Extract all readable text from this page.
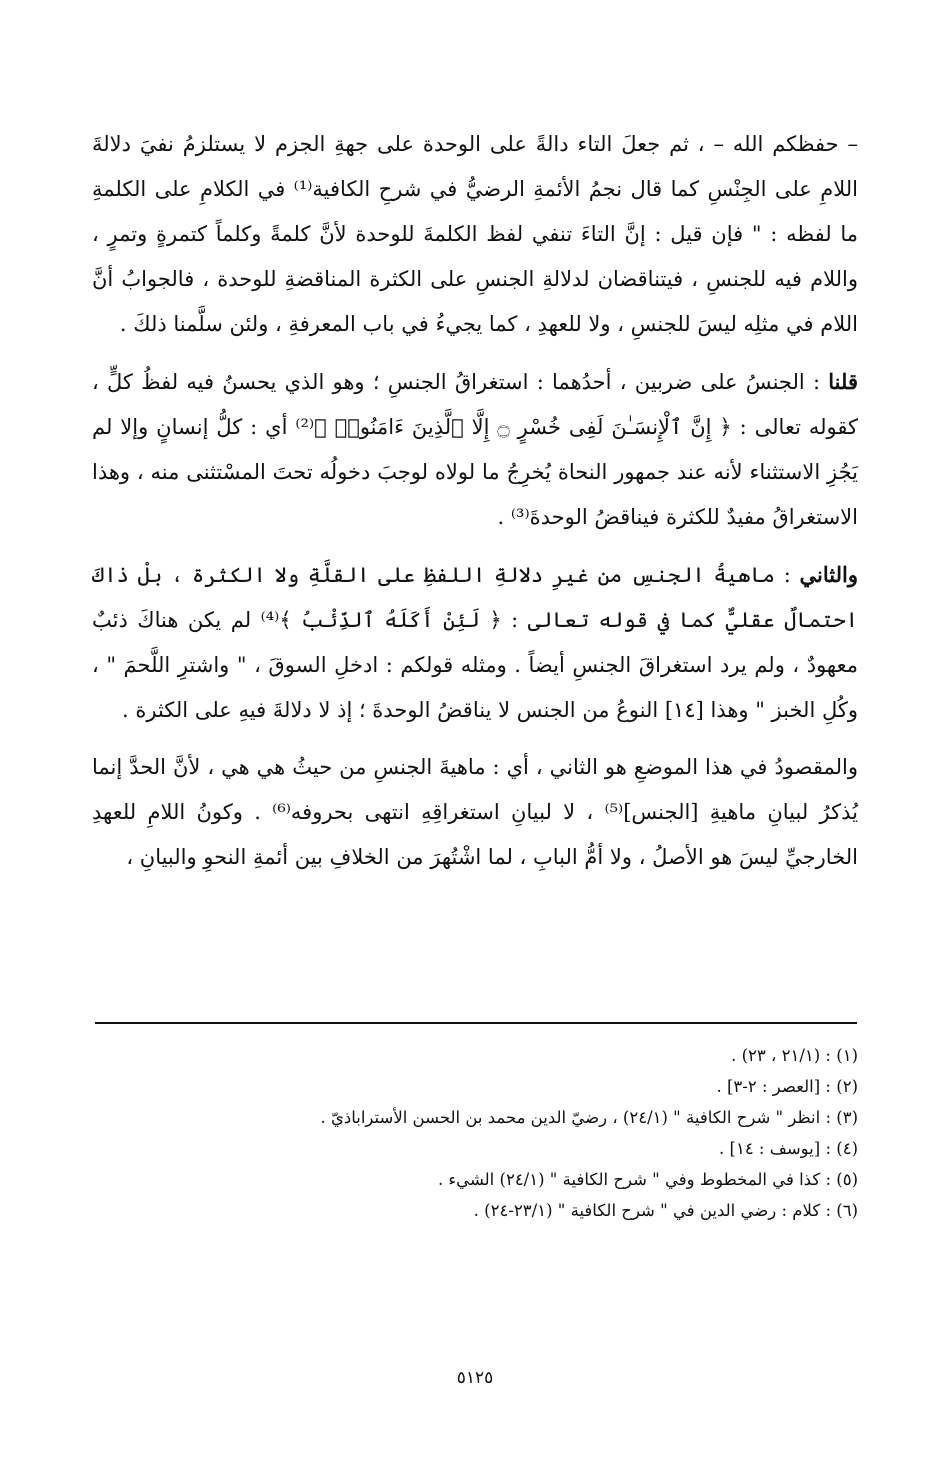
– حفظكم الله – ، ثم جعلَ التاء دالةً على الوحدة على جهةِ الجزم لا يستلزمُ نفيَ دلالةَ اللامِ على الجِنْسِ كما قال نجمُ الأئمةِ الرضيُّ في شرحِ الكافية⁽¹⁾ في الكلامِ على الكلمةِ ما لفظه : " فإن قيل : إنَّ التاءَ تنفي لفظ الكلمةَ للوحدة لأنَّ كلمةً وكلماً كتمرةٍ وتمرٍ ، واللام فيه للجنسِ ، فيتناقضان لدلالةِ الجنسِ على الكثرة المناقضةِ للوحدة ، فالجوابُ أنَّ اللام في مثلِه ليسَ للجنسِ ، ولا للعهدِ ، كما يجيءُ في باب المعرفةِ ، ولئن سلَّمنا ذلكَ .

قلنا : الجنسُ على ضربين ، أحدُهما : استغراقُ الجنسِ ؛ وهو الذي يحسنُ فيه لفظُ كلٍّ ، كقوله تعالى : ﴿ إِنَّ ٱلْإِنسَـٰنَ لَفِى خُسْرٍ ۝ إِلَّا ٱلَّذِينَ ءَامَنُوا۟ ﴾⁽²⁾ أي : كلُّ إنسانٍ وإلا لم يَجُزِ الاستثناء لأنه عند جمهور النحاة يُخرِجُ ما لولاه لوجبَ دخولُه تحتَ المسْتثنى منه ، وهذا الاستغراقُ مفيدٌ للكثرة فيناقضُ الوحدةَ⁽³⁾ .

والثاني : ماهيةُ الجنسِ من غيرِ دلالةِ اللفظِ على القلَّةِ ولا الكثرة ، بلْ ذاكَ احتمالٌ عقليٌّ كما في قوله تعالى : ﴿ لَئِنْ أَكَلَهُ ٱلذِّئْبُ ﴾⁽⁴⁾ لم يكن هناكَ ذئبٌ معهودٌ ، ولم يرد استغراقَ الجنسِ أيضاً . ومثله قولكم : ادخلِ السوقَ ، " واشترِ اللَّحمَ " ، وكُلِ الخبز " وهذا [١٤] النوعُ من الجنس لا يناقضُ الوحدةَ ؛ إذ لا دلالةَ فيهِ على الكثرة .

والمقصودُ في هذا الموضعِ هو الثاني ، أي : ماهيةَ الجنسِ من حيثُ هي هي ، لأنَّ الحدَّ إنما يُذكرُ لبيانِ ماهيةِ [الجنس]⁽⁵⁾ ، لا لبيانِ استغراقِهِ انتهى بحروفه⁽⁶⁾ . وكونُ اللامِ للعهدِ الخارجيِّ ليسَ هو الأصلُ ، ولا أمُّ البابِ ، لما اشْتُهرَ من الخلافِ بين أئمةِ النحوِ والبيانِ ،

(١) : (٢١/١ ، ٢٣) .
(٢) : [العصر : ٢-٣] .
(٣) : انظر " شرح الكافية " (٢٤/١) ، رضيّ الدين محمد بن الحسن الأستراباذيّ .
(٤) : [يوسف : ١٤] .
(٥) : كذا في المخطوط وفي " شرح الكافية " (٢٤/١) الشيء .
(٦) : كلام : رضي الدين في " شرح الكافية " (٢٣/١-٢٤) .
٥١٢٥
